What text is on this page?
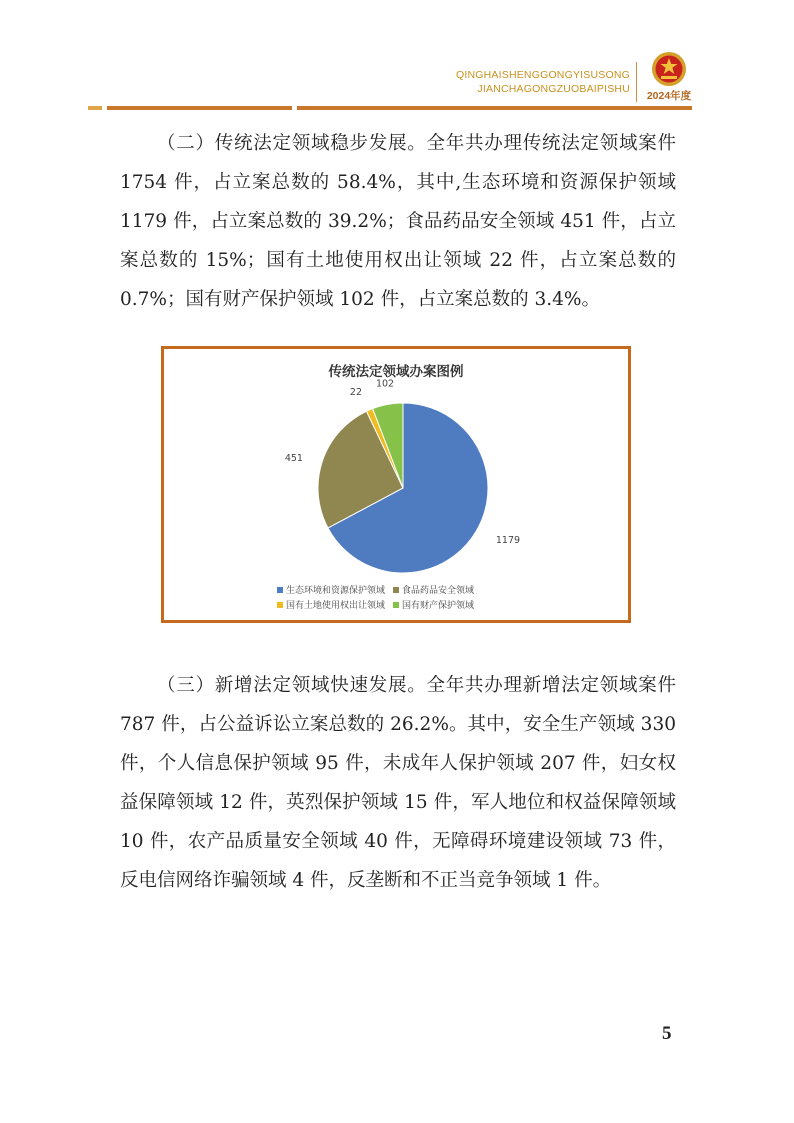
QINGHAISHENGGONGYISUSONG
JIANCHAGONGZUOBAIPISHU
2024年度

（二）传统法定领域稳步发展。全年共办理传统法定领域案件 1754 件，占立案总数的 58.4%，其中,生态环境和资源保护领域 1179 件，占立案总数的 39.2%；食品药品安全领域 451 件，占立案总数的 15%；国有土地使用权出让领域 22 件，占立案总数的 0.7%；国有财产保护领域 102 件，占立案总数的 3.4%。

传统法定领域办案图例
1179
451
22
102
生态环境和资源保护领域 食品药品安全领域
国有土地使用权出让领域 国有财产保护领域

（三）新增法定领域快速发展。全年共办理新增法定领域案件 787 件，占公益诉讼立案总数的 26.2%。其中，安全生产领域 330 件，个人信息保护领域 95 件，未成年人保护领域 207 件，妇女权益保障领域 12 件，英烈保护领域 15 件，军人地位和权益保障领域 10 件，农产品质量安全领域 40 件，无障碍环境建设领域 73 件，反电信网络诈骗领域 4 件，反垄断和不正当竞争领域 1 件。

5
